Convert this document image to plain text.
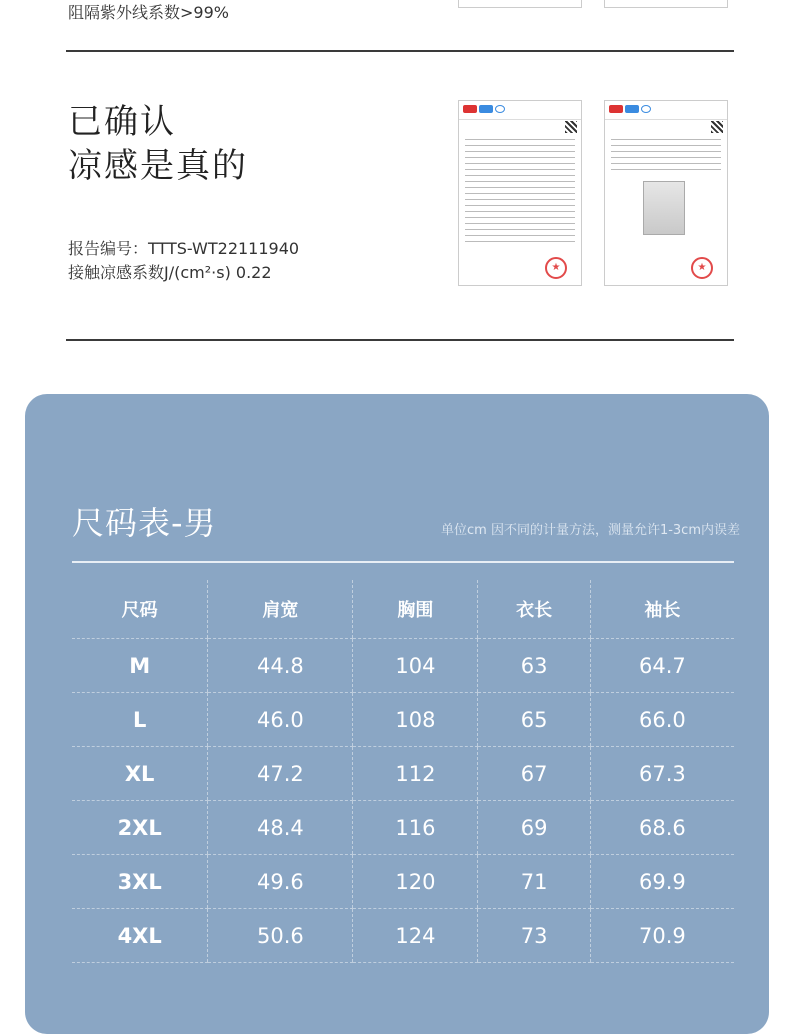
阻隔紫外线系数>99%
已确认
凉感是真的
报告编号：TTTS-WT22111940
接触凉感系数J/(cm²·s) 0.22	★	★
尺码表-男	单位cm 因不同的计量方法，测量允许1-3cm内误差
尺码	肩宽	胸围	衣长	袖长
M	44.8	104	63	64.7
L	46.0	108	65	66.0
XL	47.2	112	67	67.3
2XL	48.4	116	69	68.6
3XL	49.6	120	71	69.9
4XL	50.6	124	73	70.9
